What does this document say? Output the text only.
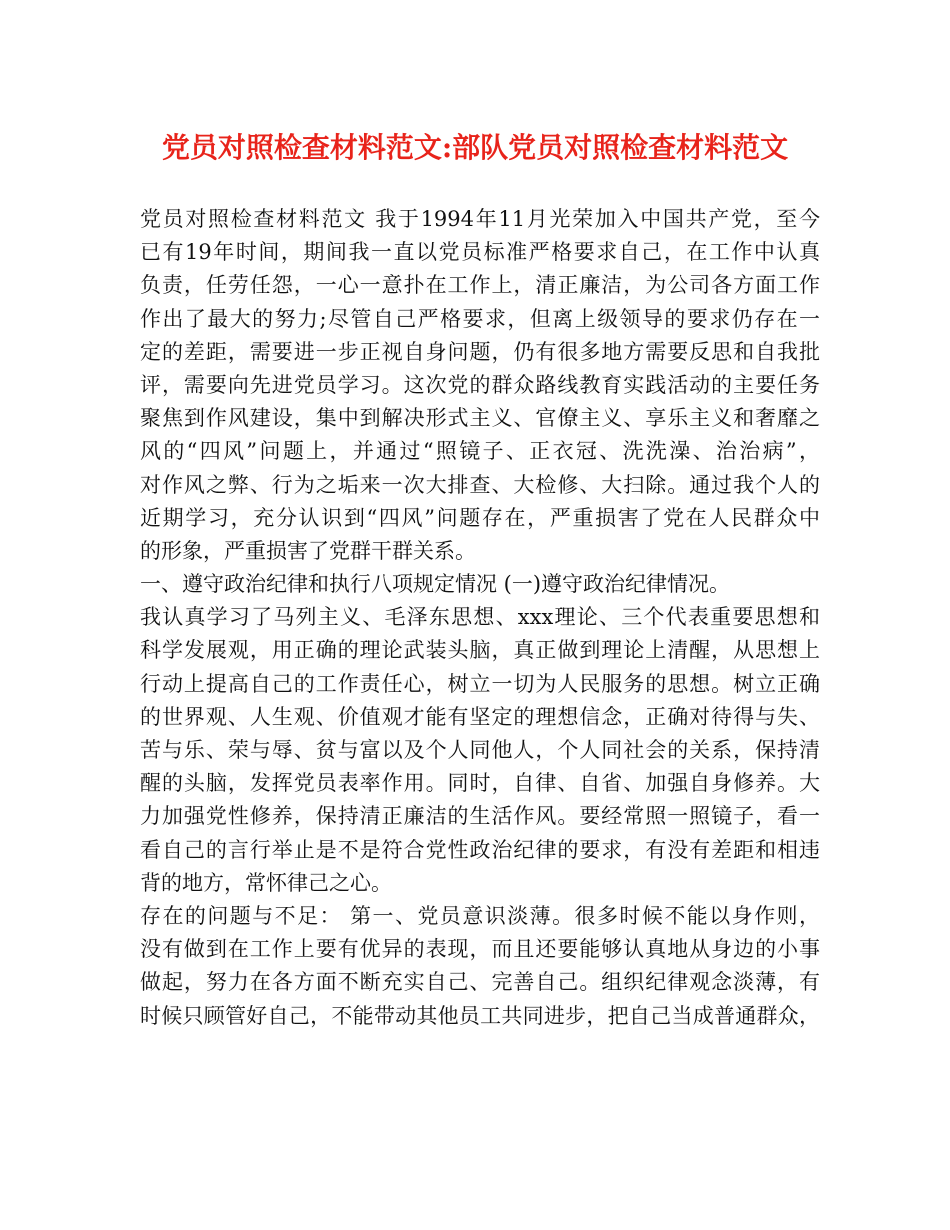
党员对照检查材料范文:部队党员对照检查材料范文
党员对照检查材料范文 我于1994年11月光荣加入中国共产党，至今
已有19年时间，期间我一直以党员标准严格要求自己，在工作中认真
负责，任劳任怨，一心一意扑在工作上，清正廉洁，为公司各方面工作
作出了最大的努力;尽管自己严格要求，但离上级领导的要求仍存在一
定的差距，需要进一步正视自身问题，仍有很多地方需要反思和自我批
评，需要向先进党员学习。这次党的群众路线教育实践活动的主要任务
聚焦到作风建设，集中到解决形式主义、官僚主义、享乐主义和奢靡之
风的“四风”问题上，并通过“照镜子、正衣冠、洗洗澡、治治病”，
对作风之弊、行为之垢来一次大排查、大检修、大扫除。通过我个人的
近期学习，充分认识到“四风”问题存在，严重损害了党在人民群众中
的形象，严重损害了党群干群关系。
一、遵守政治纪律和执行八项规定情况 (一)遵守政治纪律情况。
我认真学习了马列主义、毛泽东思想、xxx理论、三个代表重要思想和
科学发展观，用正确的理论武装头脑，真正做到理论上清醒，从思想上
行动上提高自己的工作责任心，树立一切为人民服务的思想。树立正确
的世界观、人生观、价值观才能有坚定的理想信念，正确对待得与失、
苦与乐、荣与辱、贫与富以及个人同他人，个人同社会的关系，保持清
醒的头脑，发挥党员表率作用。同时，自律、自省、加强自身修养。大
力加强党性修养，保持清正廉洁的生活作风。要经常照一照镜子，看一
看自己的言行举止是不是符合党性政治纪律的要求，有没有差距和相违
背的地方，常怀律己之心。
存在的问题与不足： 第一、党员意识淡薄。很多时候不能以身作则，
没有做到在工作上要有优异的表现，而且还要能够认真地从身边的小事
做起，努力在各方面不断充实自己、完善自己。组织纪律观念淡薄，有
时候只顾管好自己，不能带动其他员工共同进步，把自己当成普通群众，
